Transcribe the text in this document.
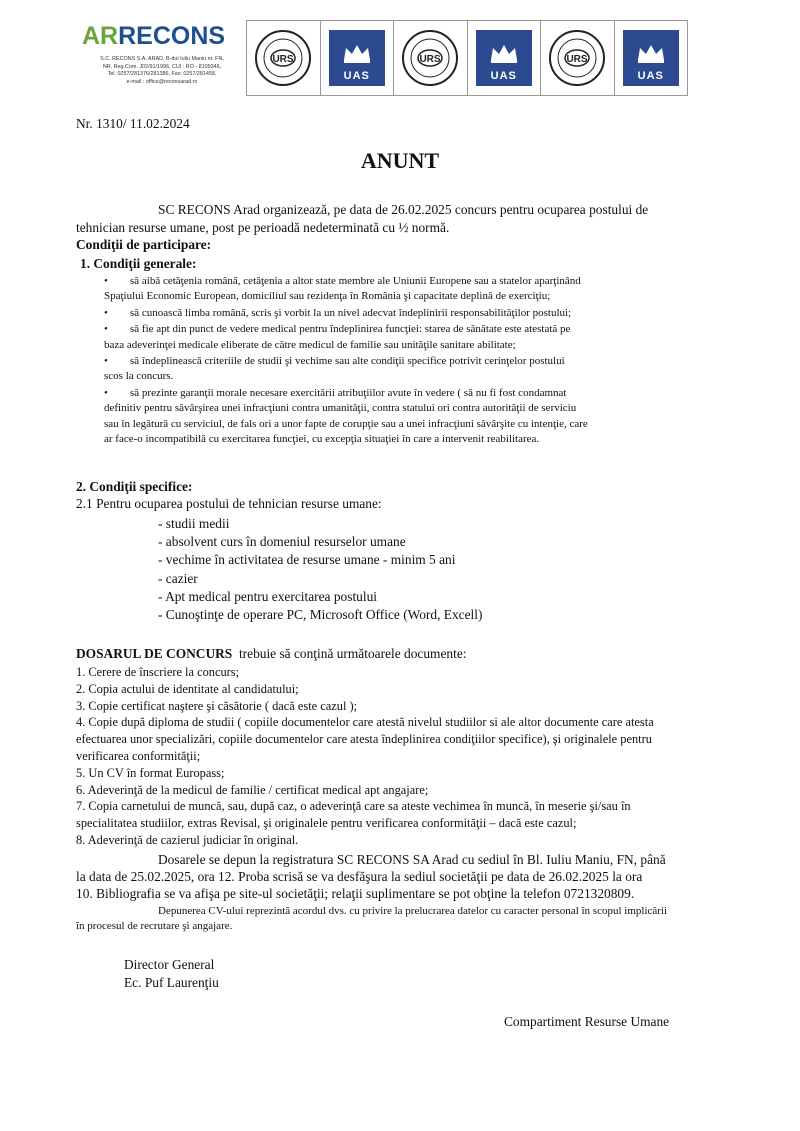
ARRECONS
S.C. RECONS S.A. ARAD, B-dul Iuliu Maniu nr. FN,
NR. Reg.Com. J02/91/1996, CUI : RO - 8109346,
Tel. 0257/281376/281386, Fax: 0257/281458,
e-mail : office@reconsarad.ro
URS
UAS
URS
UAS
URS
UAS
Nr. 1310/ 11.02.2024
ANUNT
SC RECONS Arad organizează, pe data de 26.02.2025 concurs pentru ocuparea postului de
tehnician resurse umane, post pe perioadă nedeterminată cu ½ normă.
Condiţii de participare:
1. Condiţii generale:
• să aibă cetăţenia română, cetăţenia a altor state membre ale Uniunii Europene sau a statelor aparţinând
Spaţiului Economic European, domiciliul sau rezidenţa în România şi capacitate deplină de exerciţiu;
• să cunoască limba română, scris şi vorbit la un nivel adecvat îndeplinirii responsabilităţilor postului;
• să fie apt din punct de vedere medical pentru îndeplinirea funcţiei: starea de sănătate este atestată pe
baza adeverinţei medicale eliberate de către medicul de familie sau unităţile sanitare abilitate;
• să îndeplinească criteriile de studii şi vechime sau alte condiţii specifice potrivit cerinţelor postului
scos la concurs.
• să prezinte garanţii morale necesare exercitării atribuţiilor avute în vedere ( să nu fi fost condamnat
definitiv pentru săvârşirea unei infracţiuni contra umanităţii, contra statului ori contra autorităţii de serviciu
sau în legătură cu serviciul, de fals ori a unor fapte de corupţie sau a unei infracţiuni săvârşite cu intenţie, care
ar face-o incompatibilă cu exercitarea funcţiei, cu excepţia situaţiei în care a intervenit reabilitarea.
2. Condiţii specifice:
2.1 Pentru ocuparea postului de tehnician resurse umane:
- studii medii
- absolvent curs în domeniul resurselor umane
- vechime în activitatea de resurse umane - minim 5 ani
- cazier
- Apt medical pentru exercitarea postului
- Cunoştinţe de operare PC, Microsoft Office (Word, Excell)
DOSARUL DE CONCURS  trebuie să conţină următoarele documente:
1. Cerere de înscriere la concurs;
2. Copia actului de identitate al candidatului;
3. Copie certificat naştere şi căsătorie ( dacă este cazul );
4. Copie după diploma de studii ( copiile documentelor care atestă nivelul studiilor si ale altor documente care atesta
efectuarea unor specializări, copiile documentelor care atesta îndeplinirea condiţiilor specifice), şi originalele pentru
verificarea conformităţii;
5. Un CV în format Europass;
6. Adeverinţă de la medicul de familie / certificat medical apt angajare;
7. Copia carnetului de muncă, sau, după caz, o adeverinţă care sa ateste vechimea în muncă, în meserie şi/sau în
specialitatea studiilor, extras Revisal, şi originalele pentru verificarea conformităţii – dacă este cazul;
8. Adeverinţă de cazierul judiciar în original.
Dosarele se depun la registratura SC RECONS SA Arad cu sediul în Bl. Iuliu Maniu, FN, până
la data de 25.02.2025, ora 12. Proba scrisă se va desfăşura la sediul societăţii pe data de 26.02.2025 la ora
10. Bibliografia se va afişa pe site-ul societăţii; relaţii suplimentare se pot obţine la telefon 0721320809.
Depunerea CV-ului reprezintă acordul dvs. cu privire la prelucrarea datelor cu caracter personal în scopul implicării
în procesul de recrutare şi angajare.
Director General
Ec. Puf Laurenţiu
Compartiment Resurse Umane
